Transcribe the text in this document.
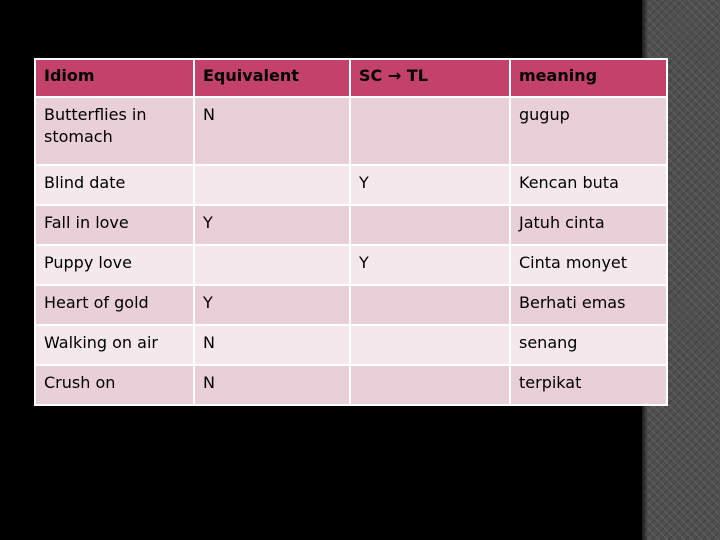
Idiom	Equivalent	SC → TL	meaning
Butterflies in stomach	N		gugup
Blind date		Y	Kencan buta
Fall in love	Y		Jatuh cinta
Puppy love		Y	Cinta monyet
Heart of gold	Y		Berhati emas
Walking on air	N		senang
Crush on	N		terpikat
